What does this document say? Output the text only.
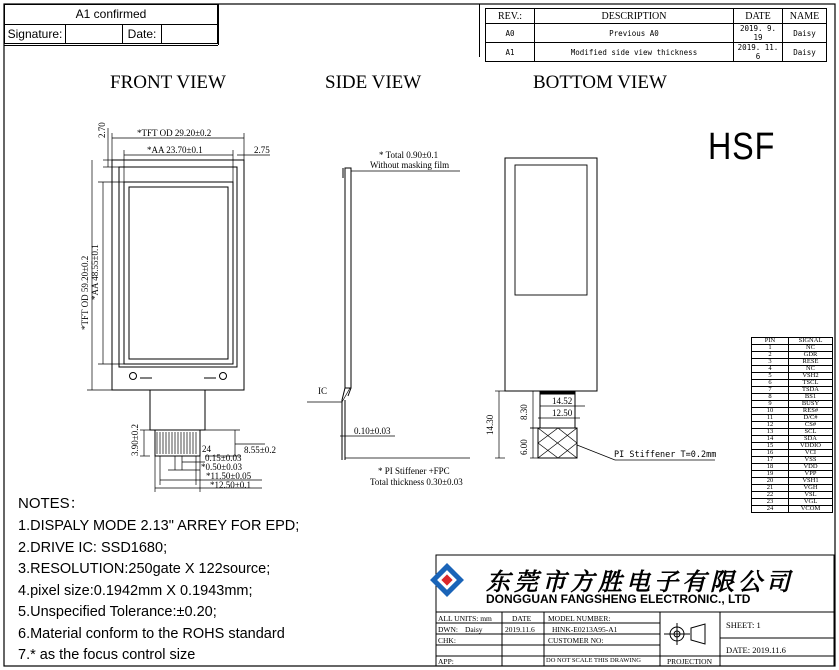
A1 confirmed
Signature:		Date:	
REV.:	DESCRIPTION	DATE	NAME
A0	Previous A0	2019. 9. 19	Daisy
A1	Modified side view thickness	2019. 11. 6	Daisy
FRONT VIEW	SIDE VIEW	BOTTOM VIEW
HSF
*TFT OD 29.20±0.2
*AA 23.70±0.1	2.75
2.70
*TFT OD 59.20±0.2 *AA 48.55±0.1
8.55±0.2
3.90±0.2	24
0.15±0.03
*0.50±0.03
*11.50±0.05
*12.50±0.1
* Total 0.90±0.1
Without masking film
IC
0.10±0.03
* PI Stiffener +FPC
Total thickness 0.30±0.03
14.52
12.50
8.30
14.30
6.00	PI Stiffener T=0.2mm
PIN	SIGNAL
1	NC
2	GDR
3	RESE
4	NC
5	VSH2
6	TSCL
7	TSDA
8	BS1
9	BUSY
10	RES#
11	D/C#
12	CS#
13	SCL
14	SDA
15	VDDIO
16	VCI
17	VSS
18	VDD
19	VPP
20	VSH1
21	VGH
22	VSL
23	VGL
24	VCOM
NOTES：
1.DISPALY MODE 2.13" ARREY FOR EPD;
2.DRIVE IC: SSD1680;
3.RESOLUTION:250gate X 122source;
4.pixel size:0.1942mm X 0.1943mm;
5.Unspecified Tolerance:±0.20;
6.Material conform to the ROHS standard
7.* as the focus control size
东莞市方胜电子有限公司
DONGGUAN FANGSHENG ELECTRONIC., LTD
ALL UNITS: mm	DATE MODEL NUMBER:
DWN: Daisy	2019.11.6 HINK-E0213A95-A1
CHK:	CUSTOMER NO:
APP:	DO NOT SCALE THIS DRAWING	PROJECTION
SHEET: 1
DATE: 2019.11.6
